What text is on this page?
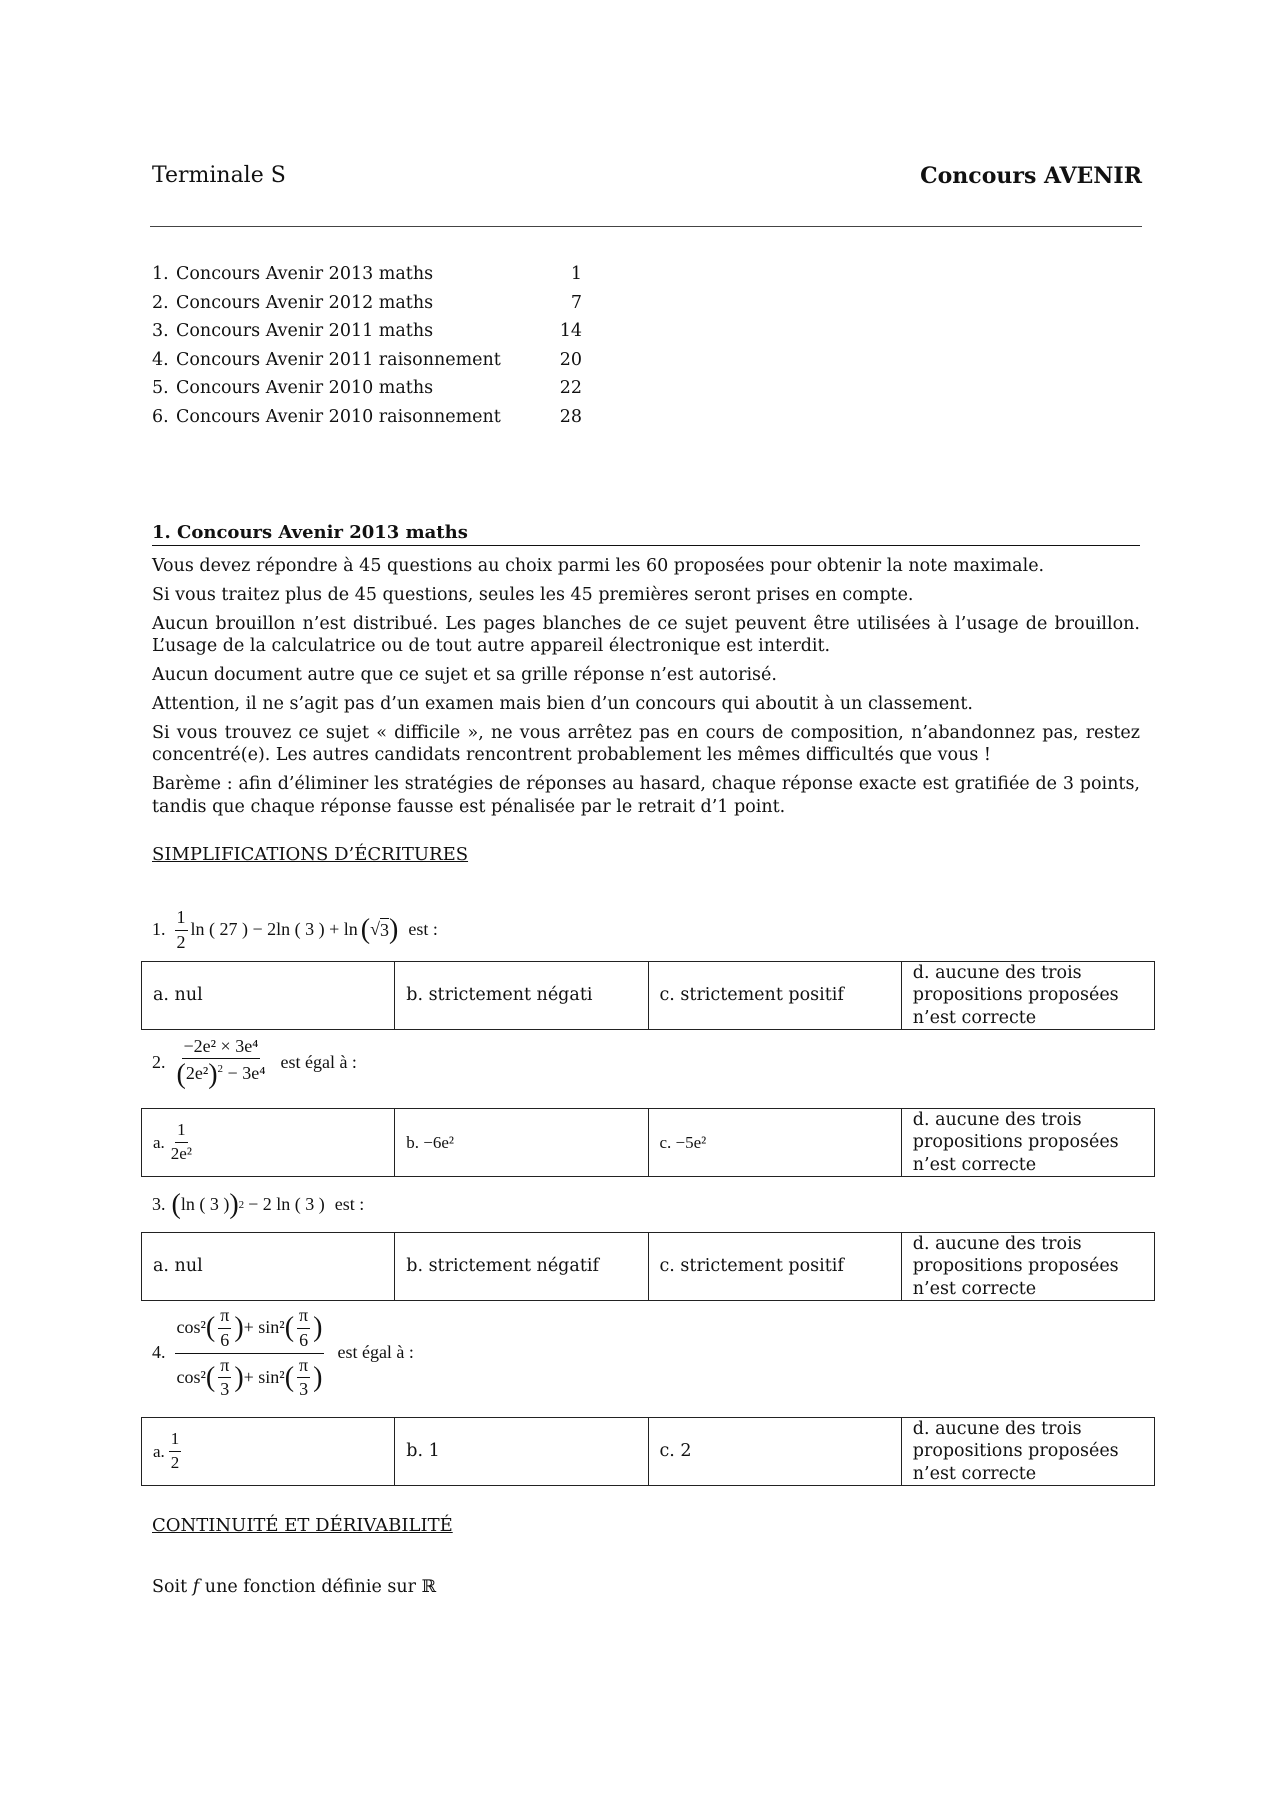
Terminale S	Concours AVENIR
1. Concours Avenir 2013 maths	1
2. Concours Avenir 2012 maths	7
3. Concours Avenir 2011 maths	14
4. Concours Avenir 2011 raisonnement	20
5. Concours Avenir 2010 maths	22
6. Concours Avenir 2010 raisonnement	28
1. Concours Avenir 2013 maths

Vous devez répondre à 45 questions au choix parmi les 60 proposées pour obtenir la note maximale.

Si vous traitez plus de 45 questions, seules les 45 premières seront prises en compte.

Aucun brouillon n’est distribué. Les pages blanches de ce sujet peuvent être utilisées à l’usage de brouillon. L’usage de la calculatrice ou de tout autre appareil électronique est interdit.

Aucun document autre que ce sujet et sa grille réponse n’est autorisé.

Attention, il ne s’agit pas d’un examen mais bien d’un concours qui aboutit à un classement.

Si vous trouvez ce sujet « difficile », ne vous arrêtez pas en cours de composition, n’abandonnez pas, restez concentré(e). Les autres candidats rencontrent probablement les mêmes difficultés que vous !

Barème : afin d’éliminer les stratégies de réponses au hasard, chaque réponse exacte est gratifiée de 3 points, tandis que chaque réponse fausse est pénalisée par le retrait d’1 point.

SIMPLIFICATIONS D’ÉCRITURES
1. $\frac{1}{2}$ ln ( 27 ) − 2ln ( 3 ) + ln ( √ 3 ) est :
a. nul	b. strictement négati	c. strictement positif	d. aucune des trois propositions proposées n’est correcte
2. $\frac{\text{−2e² × 3e⁴}}{(2e^2)^2 - 3e^4}$ est égal à :
a. $\frac{1}{\text{2e²}}$	b. −6e²	c. −5e²	d. aucune des trois propositions proposées n’est correcte
3. ( ln ( 3 ) ) 2 − 2 ln ( 3 ) est :
a. nul	b. strictement négatif	c. strictement positif	d. aucune des trois propositions proposées n’est correcte
4. $\frac{\cos^2 ( \frac{\pi}{6} ) + \sin^2 ( \frac{\pi}{6} )}{\cos^2 ( \frac{\pi}{3} ) + \sin^2 ( \frac{\pi}{3} )}$ est égal à :
a. $\frac{1}{2}$	b. 1	c. 2	d. aucune des trois propositions proposées n’est correcte
CONTINUITÉ ET DÉRIVABILITÉ
Soit f une fonction définie sur ℝ
